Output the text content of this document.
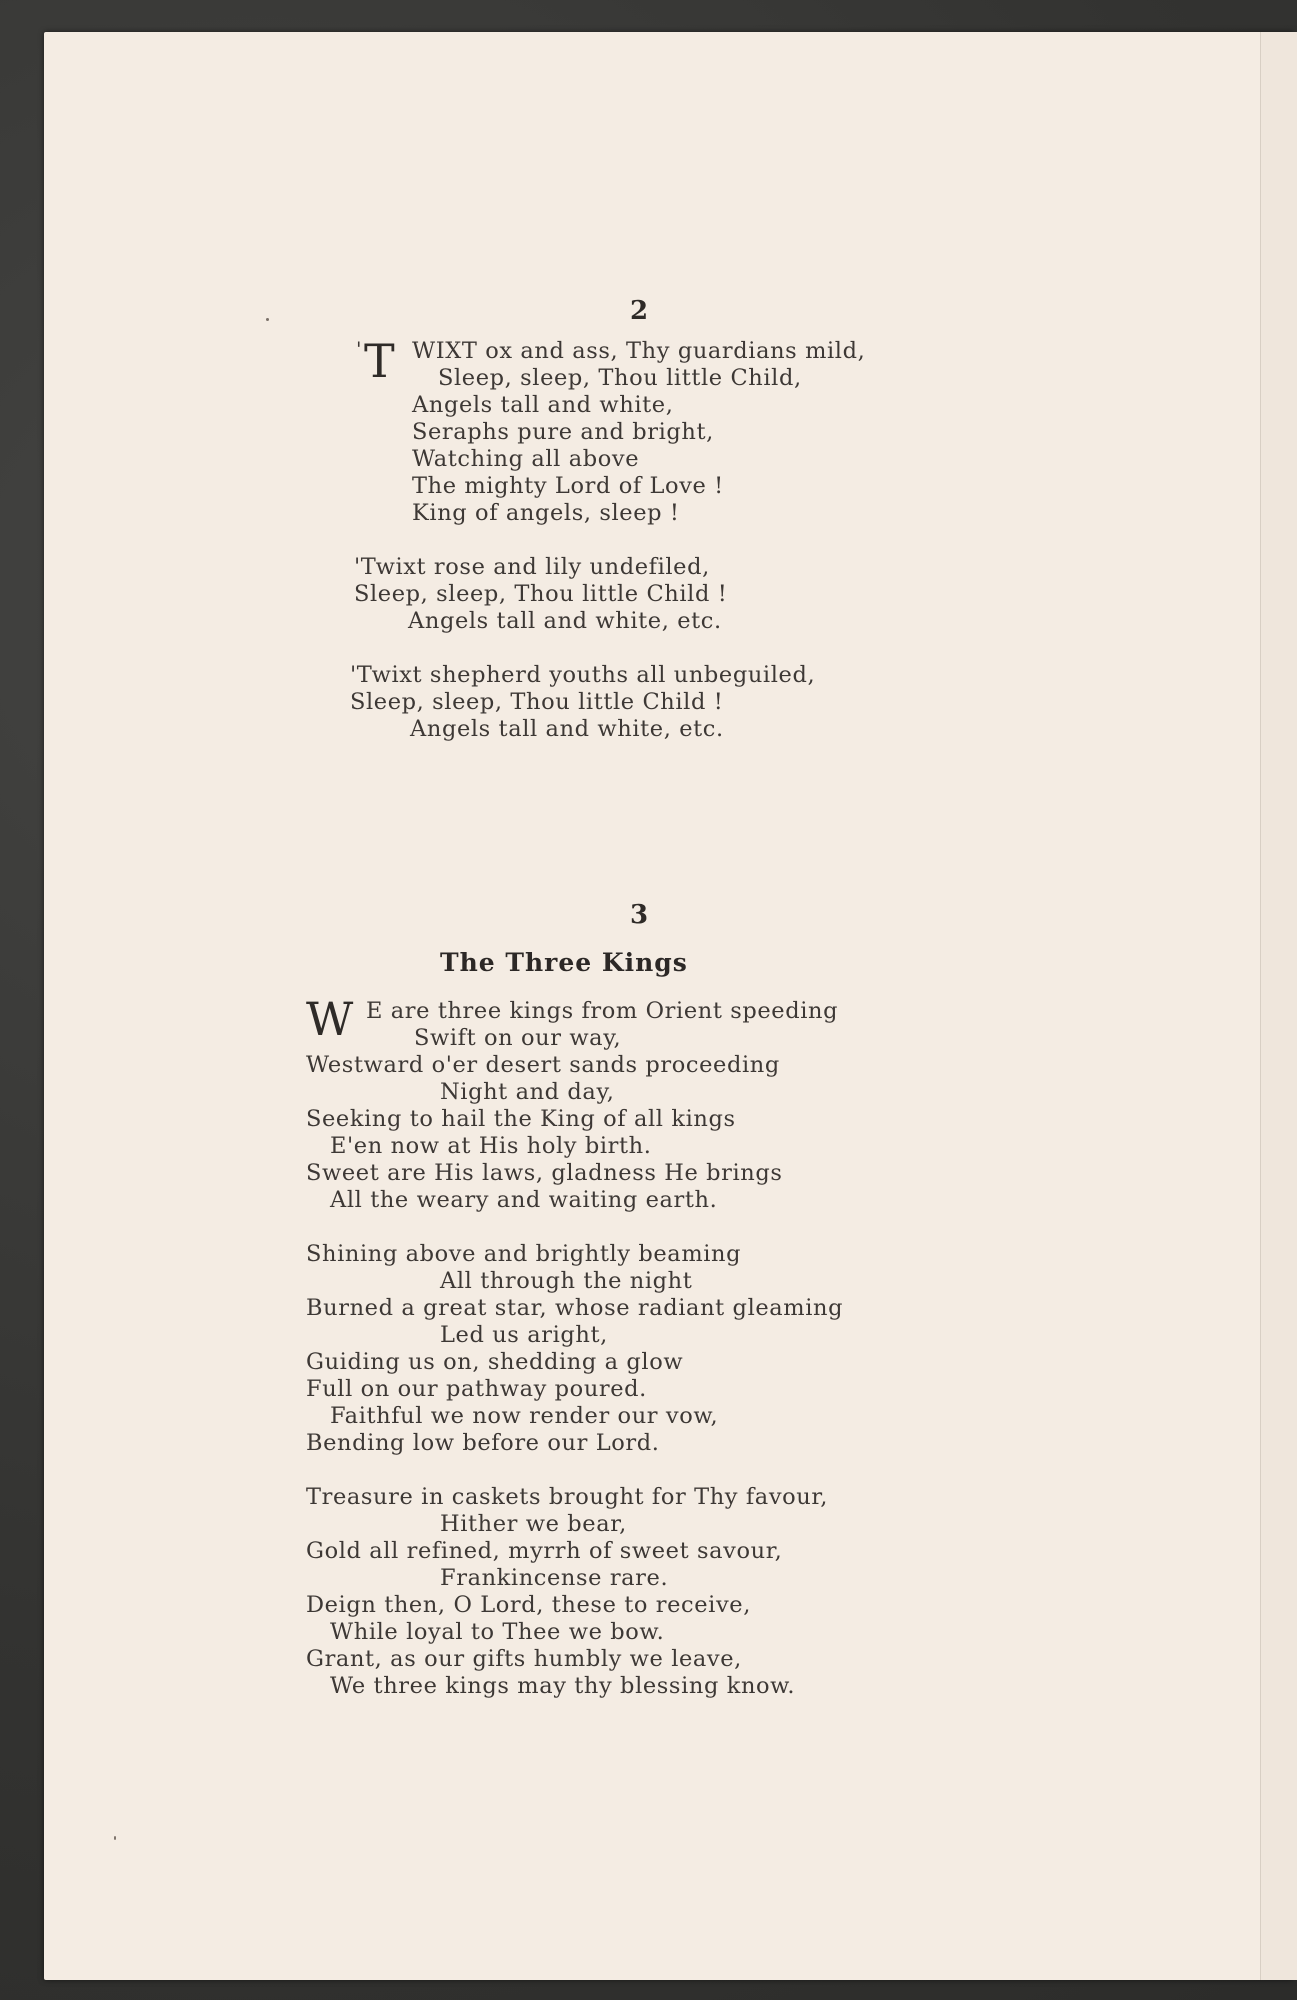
2
' T WIXT ox and ass, Thy guardians mild,
Sleep, sleep, Thou little Child,
Angels tall and white,
Seraphs pure and bright,
Watching all above
The mighty Lord of Love !
King of angels, sleep !
'Twixt rose and lily undefiled,
Sleep, sleep, Thou little Child !
Angels tall and white, etc.
'Twixt shepherd youths all unbeguiled,
Sleep, sleep, Thou little Child !
Angels tall and white, etc.
3
The Three Kings
W E are three kings from Orient speeding
Swift on our way,
Westward o'er desert sands proceeding
Night and day,
Seeking to hail the King of all kings
E'en now at His holy birth.
Sweet are His laws, gladness He brings
All the weary and waiting earth.
Shining above and brightly beaming
All through the night
Burned a great star, whose radiant gleaming
Led us aright,
Guiding us on, shedding a glow
Full on our pathway poured.
Faithful we now render our vow,
Bending low before our Lord.
Treasure in caskets brought for Thy favour,
Hither we bear,
Gold all refined, myrrh of sweet savour,
Frankincense rare.
Deign then, O Lord, these to receive,
While loyal to Thee we bow.
Grant, as our gifts humbly we leave,
We three kings may thy blessing know.
